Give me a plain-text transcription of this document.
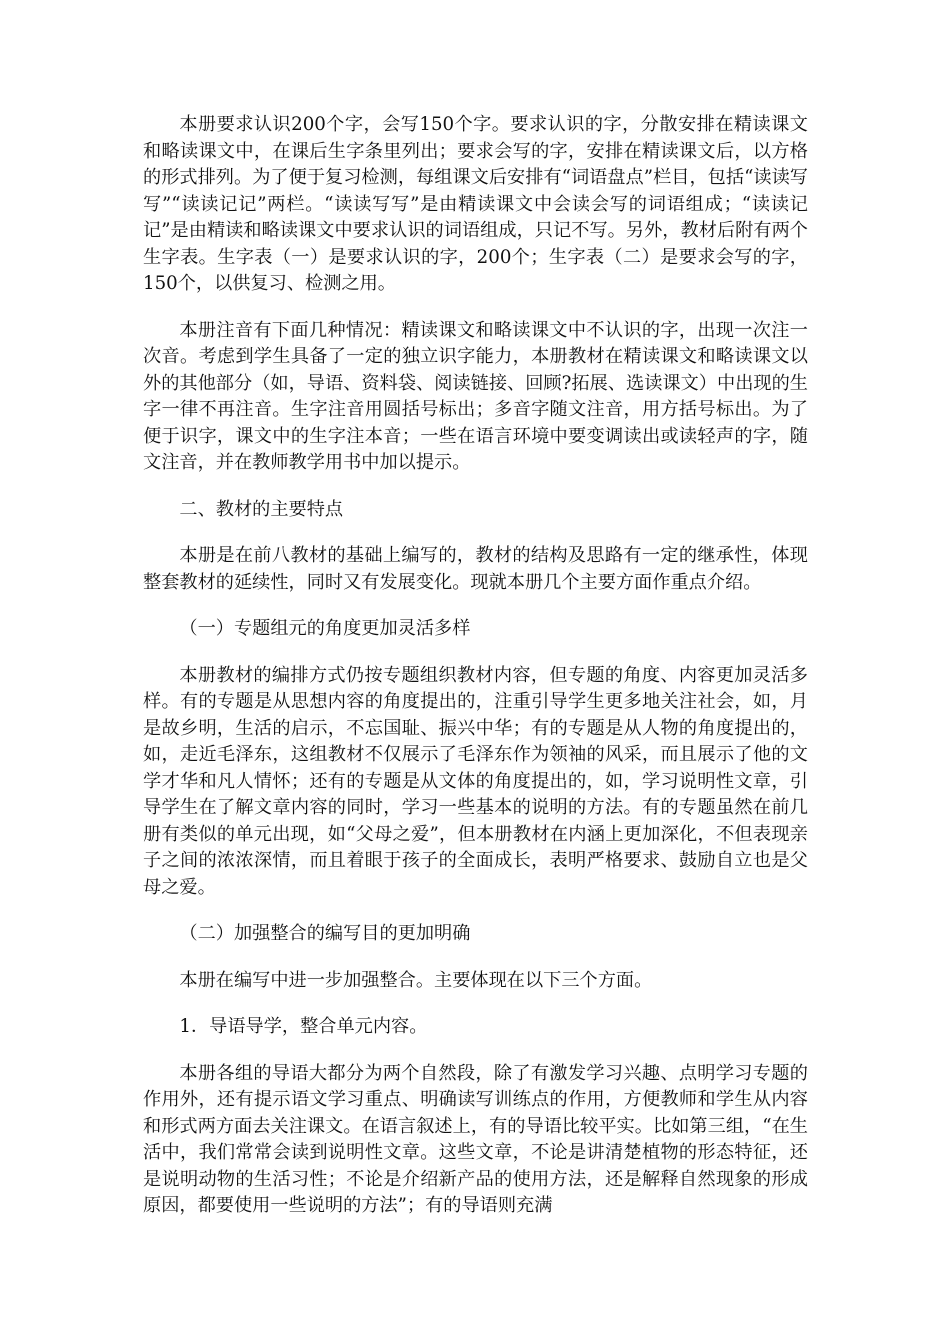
本册要求认识200个字，会写150个字。要求认识的字，分散安排在精读课文和略读课文中，在课后生字条里列出；要求会写的字，安排在精读课文后，以方格的形式排列。为了便于复习检测，每组课文后安排有“词语盘点”栏目，包括“读读写写”“读读记记”两栏。“读读写写”是由精读课文中会读会写的词语组成；“读读记记”是由精读和略读课文中要求认识的词语组成，只记不写。另外，教材后附有两个生字表。生字表（一）是要求认识的字，200个；生字表（二）是要求会写的字，150个，以供复习、检测之用。

本册注音有下面几种情况：精读课文和略读课文中不认识的字，出现一次注一次音。考虑到学生具备了一定的独立识字能力，本册教材在精读课文和略读课文以外的其他部分（如，导语、资料袋、阅读链接、回顾?拓展、选读课文）中出现的生字一律不再注音。生字注音用圆括号标出；多音字随文注音，用方括号标出。为了便于识字，课文中的生字注本音；一些在语言环境中要变调读出或读轻声的字，随文注音，并在教师教学用书中加以提示。

二、教材的主要特点

本册是在前八教材的基础上编写的，教材的结构及思路有一定的继承性，体现整套教材的延续性，同时又有发展变化。现就本册几个主要方面作重点介绍。

（一）专题组元的角度更加灵活多样

本册教材的编排方式仍按专题组织教材内容，但专题的角度、内容更加灵活多样。有的专题是从思想内容的角度提出的，注重引导学生更多地关注社会，如，月是故乡明，生活的启示，不忘国耻、振兴中华；有的专题是从人物的角度提出的，如，走近毛泽东，这组教材不仅展示了毛泽东作为领袖的风采，而且展示了他的文学才华和凡人情怀；还有的专题是从文体的角度提出的，如，学习说明性文章，引导学生在了解文章内容的同时，学习一些基本的说明的方法。有的专题虽然在前几册有类似的单元出现，如“父母之爱”，但本册教材在内涵上更加深化，不但表现亲子之间的浓浓深情，而且着眼于孩子的全面成长，表明严格要求、鼓励自立也是父母之爱。

（二）加强整合的编写目的更加明确

本册在编写中进一步加强整合。主要体现在以下三个方面。

1．导语导学，整合单元内容。

本册各组的导语大都分为两个自然段，除了有激发学习兴趣、点明学习专题的作用外，还有提示语文学习重点、明确读写训练点的作用，方便教师和学生从内容和形式两方面去关注课文。在语言叙述上，有的导语比较平实。比如第三组，“在生活中，我们常常会读到说明性文章。这些文章，不论是讲清楚植物的形态特征，还是说明动物的生活习性；不论是介绍新产品的使用方法，还是解释自然现象的形成原因，都要使用一些说明的方法”；有的导语则充满
